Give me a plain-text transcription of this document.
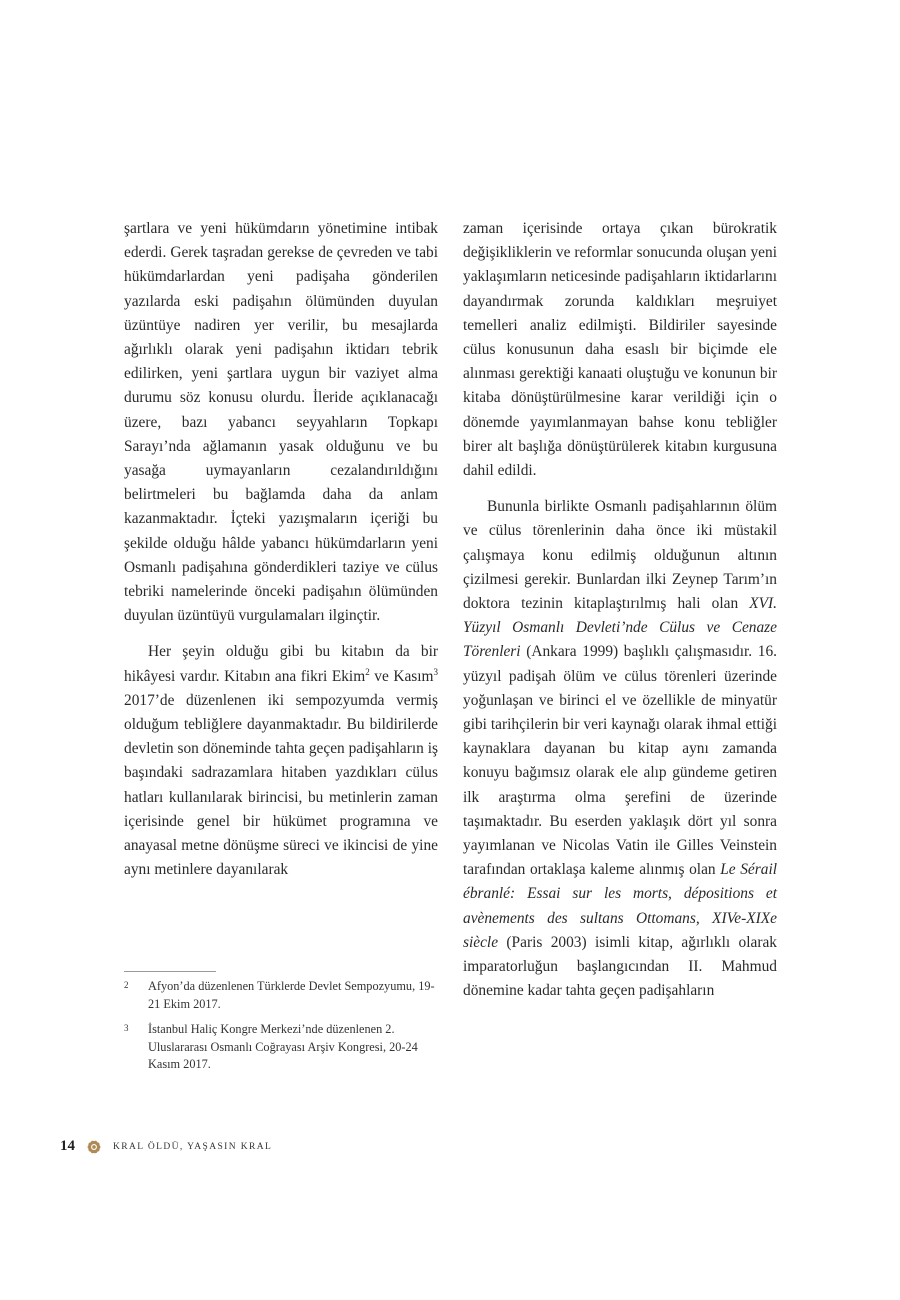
şartlara ve yeni hükümdarın yönetimine intibak ederdi. Gerek taşradan gerekse de çevreden ve tabi hükümdarlardan yeni padişaha gönderilen yazılarda eski padişahın ölümünden duyulan üzüntüye nadiren yer verilir, bu mesajlarda ağırlıklı olarak yeni padişahın iktidarı tebrik edilirken, yeni şartlara uygun bir vaziyet alma durumu söz konusu olurdu. İleride açıklanacağı üzere, bazı yabancı seyyahların Topkapı Sarayı’nda ağlamanın yasak olduğunu ve bu yasağa uymayanların cezalandırıldığını belirtmeleri bu bağlamda daha da anlam kazanmaktadır. İçteki yazışmaların içeriği bu şekilde olduğu hâlde yabancı hükümdarların yeni Osmanlı padişahına gönderdikleri taziye ve cülus tebriki namelerinde önceki padişahın ölümünden duyulan üzüntüyü vurgulamaları ilginçtir.

Her şeyin olduğu gibi bu kitabın da bir hikâyesi vardır. Kitabın ana fikri Ekim$^2$ ve Kasım$^3$ 2017’de düzenlenen iki sempozyumda vermiş olduğum tebliğlere dayanmaktadır. Bu bildirilerde devletin son döneminde tahta geçen padişahların iş başındaki sadrazamlara hitaben yazdıkları cülus hatları kullanılarak birincisi, bu metinlerin zaman içerisinde genel bir hükümet programına ve anayasal metne dönüşme süreci ve ikincisi de yine aynı metinlere dayanılarak

zaman içerisinde ortaya çıkan bürokratik değişikliklerin ve reformlar sonucunda oluşan yeni yaklaşımların neticesinde padişahların iktidarlarını dayandırmak zorunda kaldıkları meşruiyet temelleri analiz edilmişti. Bildiriler sayesinde cülus konusunun daha esaslı bir biçimde ele alınması gerektiği kanaati oluştuğu ve konunun bir kitaba dönüştürülmesine karar verildiği için o dönemde yayımlanmayan bahse konu tebliğler birer alt başlığa dönüştürülerek kitabın kurgusuna dahil edildi.

Bununla birlikte Osmanlı padişahlarının ölüm ve cülus törenlerinin daha önce iki müstakil çalışmaya konu edilmiş olduğunun altının çizilmesi gerekir. Bunlardan ilki Zeynep Tarım’ın doktora tezinin kitaplaştırılmış hali olan XVI. Yüzyıl Osmanlı Devleti’nde Cülus ve Cenaze Törenleri (Ankara 1999) başlıklı çalışmasıdır. 16. yüzyıl padişah ölüm ve cülus törenleri üzerinde yoğunlaşan ve birinci el ve özellikle de minyatür gibi tarihçilerin bir veri kaynağı olarak ihmal ettiği kaynaklara dayanan bu kitap aynı zamanda konuyu bağımsız olarak ele alıp gündeme getiren ilk araştırma olma şerefini de üzerinde taşımaktadır. Bu eserden yaklaşık dört yıl sonra yayımlanan ve Nicolas Vatin ile Gilles Veinstein tarafından ortaklaşa kaleme alınmış olan Le Sérail ébranlé: Essai sur les morts, dépositions et avènements des sultans Ottomans, XIVe-XIXe siècle (Paris 2003) isimli kitap, ağırlıklı olarak imparatorluğun başlangıcından II. Mahmud dönemine kadar tahta geçen padişahların

2 Afyon’da düzenlenen Türklerde Devlet Sempozyumu, 19-21 Ekim 2017.
3 İstanbul Haliç Kongre Merkezi’nde düzenlenen 2. Uluslararası Osmanlı Coğrayası Arşiv Kongresi, 20-24 Kasım 2017.
14	KRAL ÖLDÜ, YAŞASIN KRAL
